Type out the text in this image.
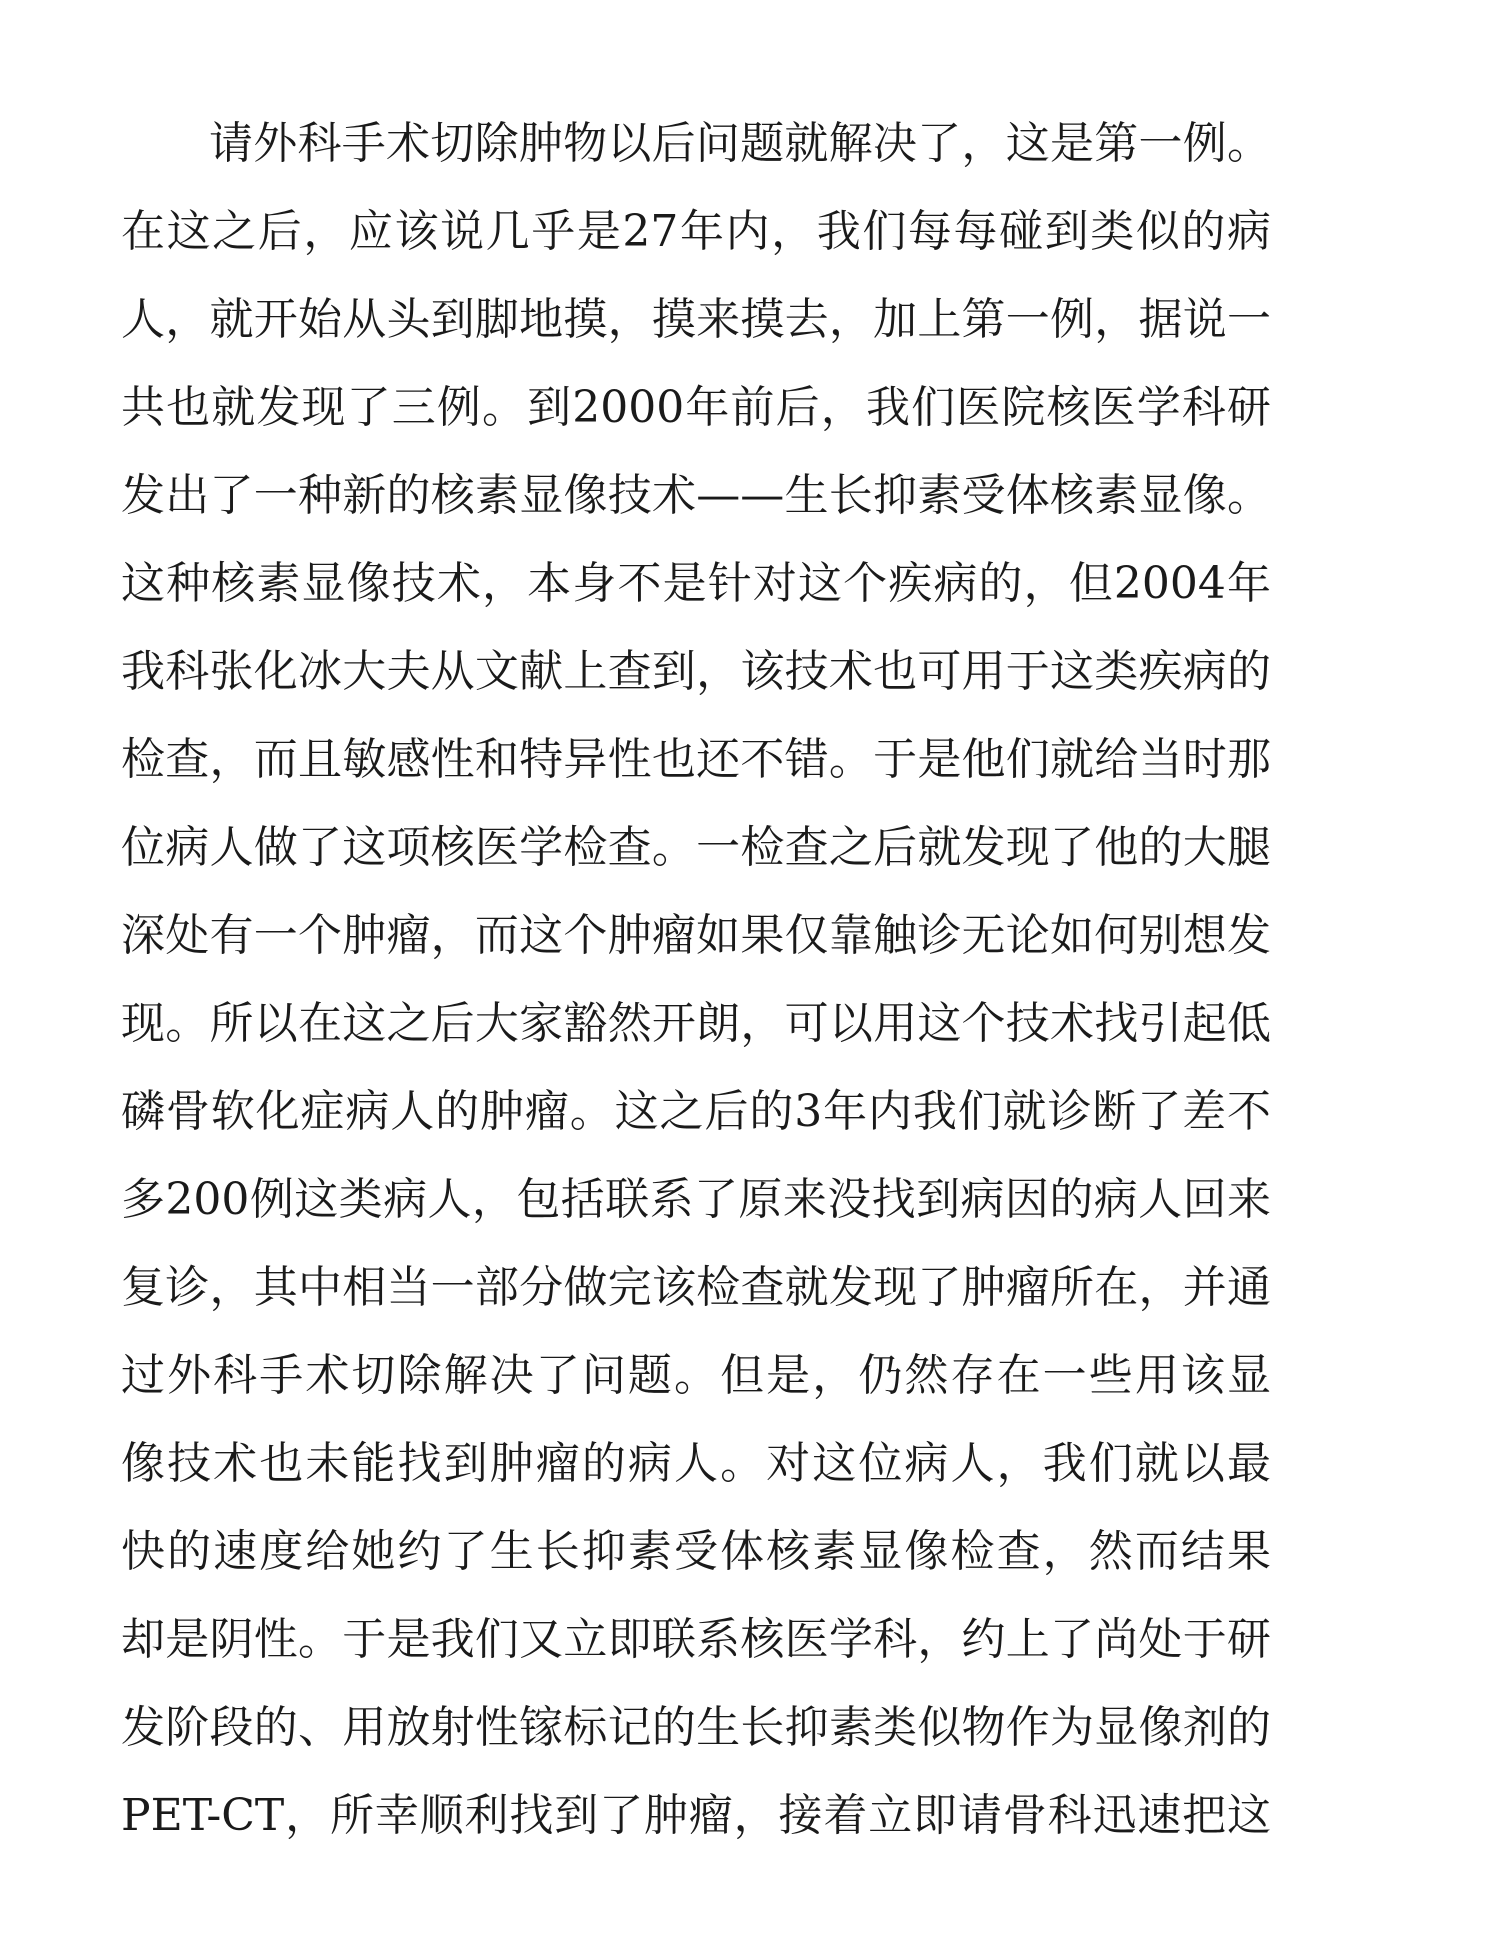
请外科手术切除肿物以后问题就解决了，这是第一例。
在这之后，应该说几乎是27年内，我们每每碰到类似的病
人，就开始从头到脚地摸，摸来摸去，加上第一例，据说一
共也就发现了三例。到2000年前后，我们医院核医学科研
发出了一种新的核素显像技术——生长抑素受体核素显像。
这种核素显像技术，本身不是针对这个疾病的，但2004年
我科张化冰大夫从文献上查到，该技术也可用于这类疾病的
检查，而且敏感性和特异性也还不错。于是他们就给当时那
位病人做了这项核医学检查。一检查之后就发现了他的大腿
深处有一个肿瘤，而这个肿瘤如果仅靠触诊无论如何别想发
现。所以在这之后大家豁然开朗，可以用这个技术找引起低
磷骨软化症病人的肿瘤。这之后的3年内我们就诊断了差不
多200例这类病人，包括联系了原来没找到病因的病人回来
复诊，其中相当一部分做完该检查就发现了肿瘤所在，并通
过外科手术切除解决了问题。但是，仍然存在一些用该显
像技术也未能找到肿瘤的病人。对这位病人，我们就以最
快的速度给她约了生长抑素受体核素显像检查，然而结果
却是阴性。于是我们又立即联系核医学科，约上了尚处于研
发阶段的、用放射性镓标记的生长抑素类似物作为显像剂的
PET-CT，所幸顺利找到了肿瘤，接着立即请骨科迅速把这
